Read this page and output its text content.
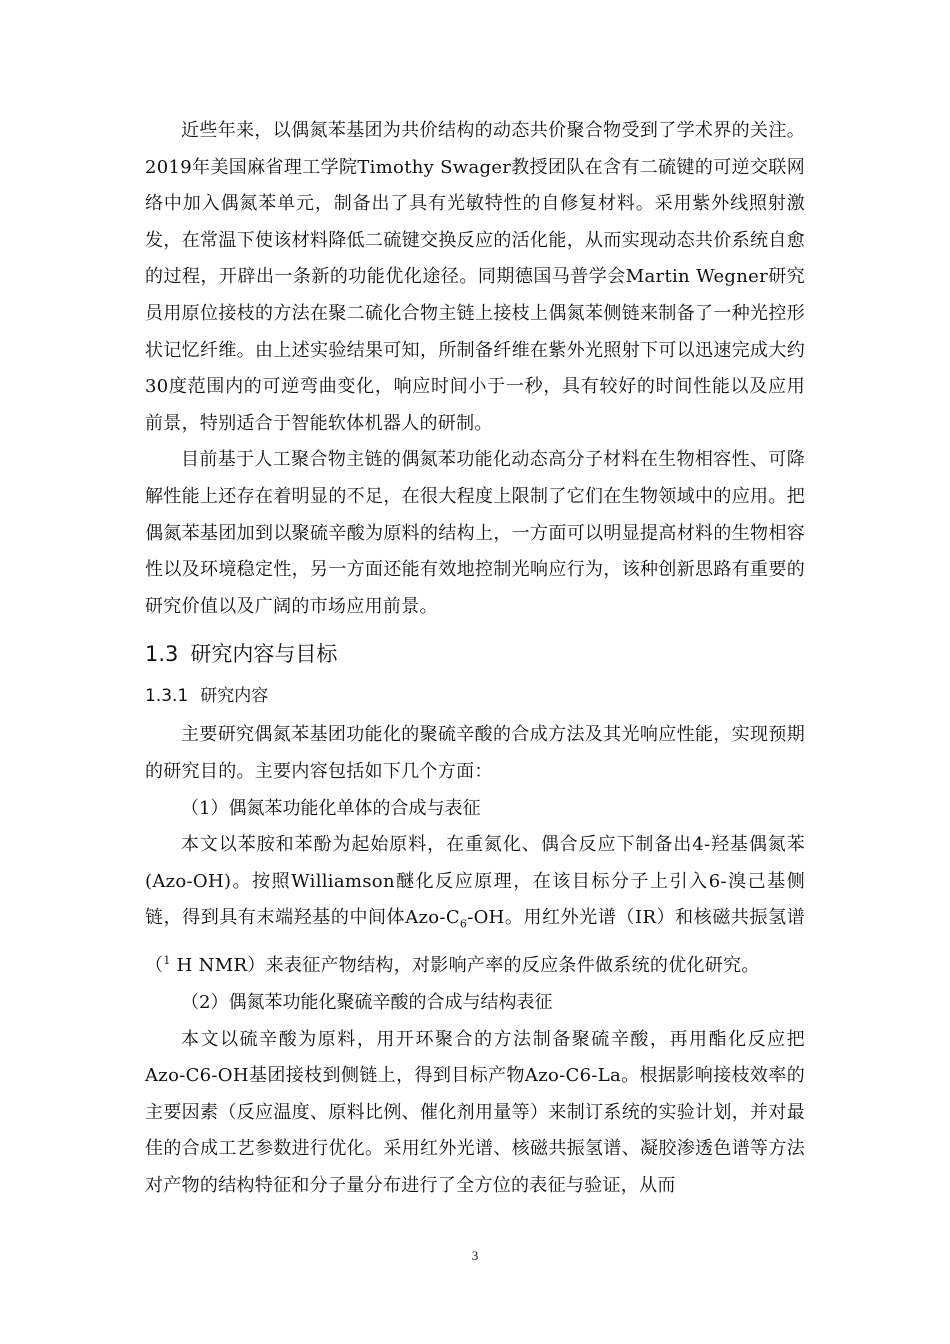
近些年来，以偶氮苯基团为共价结构的动态共价聚合物受到了学术界的关注。2019年美国麻省理工学院Timothy Swager教授团队在含有二硫键的可逆交联网络中加入偶氮苯单元，制备出了具有光敏特性的自修复材料。采用紫外线照射激发，在常温下使该材料降低二硫键交换反应的活化能，从而实现动态共价系统自愈的过程，开辟出一条新的功能优化途径。同期德国马普学会Martin Wegner研究员用原位接枝的方法在聚二硫化合物主链上接枝上偶氮苯侧链来制备了一种光控形状记忆纤维。由上述实验结果可知，所制备纤维在紫外光照射下可以迅速完成大约30度范围内的可逆弯曲变化，响应时间小于一秒，具有较好的时间性能以及应用前景，特别适合于智能软体机器人的研制。

目前基于人工聚合物主链的偶氮苯功能化动态高分子材料在生物相容性、可降解性能上还存在着明显的不足，在很大程度上限制了它们在生物领域中的应用。把偶氮苯基团加到以聚硫辛酸为原料的结构上，一方面可以明显提高材料的生物相容性以及环境稳定性，另一方面还能有效地控制光响应行为，该种创新思路有重要的研究价值以及广阔的市场应用前景。

1.3 研究内容与目标
1.3.1 研究内容

主要研究偶氮苯基团功能化的聚硫辛酸的合成方法及其光响应性能，实现预期的研究目的。主要内容包括如下几个方面：

（1）偶氮苯功能化单体的合成与表征

本文以苯胺和苯酚为起始原料，在重氮化、偶合反应下制备出4-羟基偶氮苯(Azo-OH)。按照Williamson醚化反应原理，在该目标分子上引入6-溴己基侧链，得到具有末端羟基的中间体Azo-$C_6-OH$。用红外光谱（IR）和核磁共振氢谱（$^1$ H NMR）来表征产物结构，对影响产率的反应条件做系统的优化研究。

（2）偶氮苯功能化聚硫辛酸的合成与结构表征

本文以硫辛酸为原料，用开环聚合的方法制备聚硫辛酸，再用酯化反应把Azo-C6-OH基团接枝到侧链上，得到目标产物Azo-C6-La。根据影响接枝效率的主要因素（反应温度、原料比例、催化剂用量等）来制订系统的实验计划，并对最佳的合成工艺参数进行优化。采用红外光谱、核磁共振氢谱、凝胶渗透色谱等方法对产物的结构特征和分子量分布进行了全方位的表征与验证，从而

3
